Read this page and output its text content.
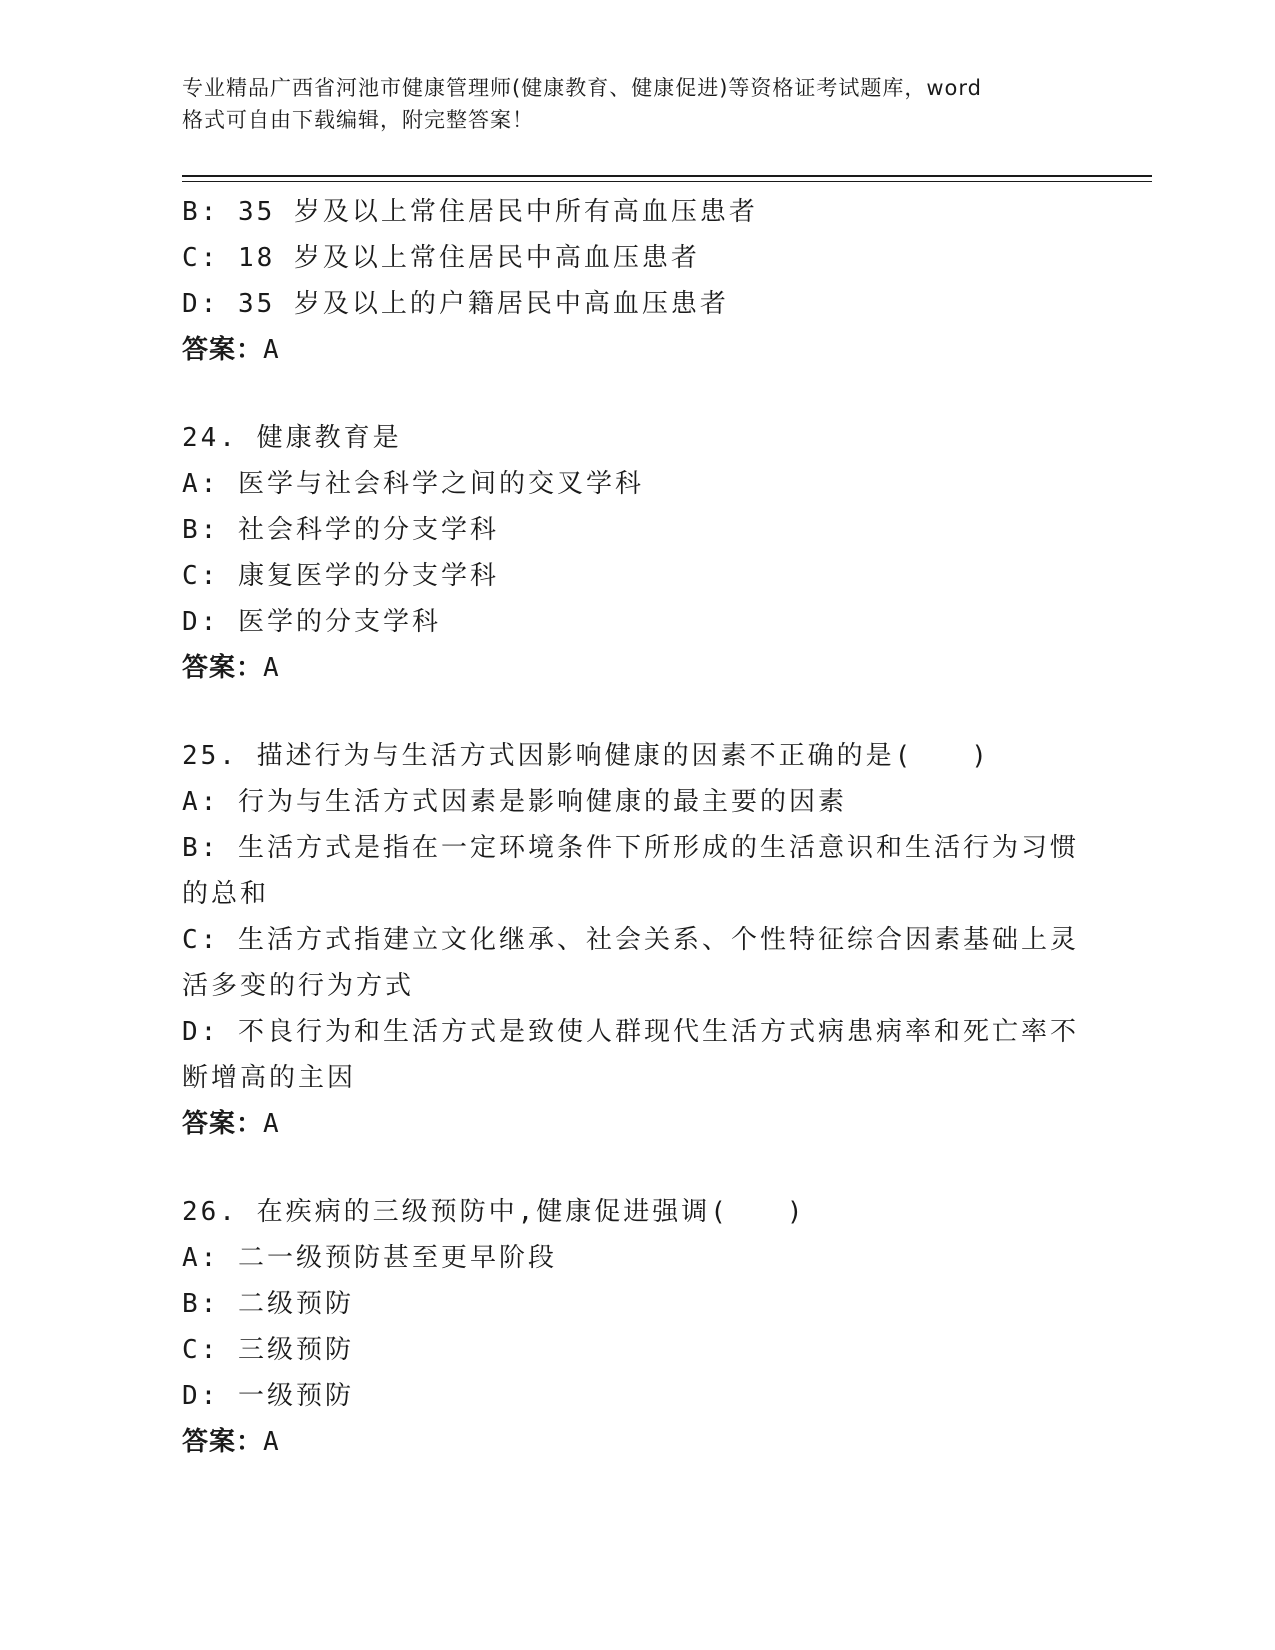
专业精品广西省河池市健康管理师(健康教育、健康促进)等资格证考试题库，word
格式可自由下载编辑，附完整答案！

B: 35 岁及以上常住居民中所有高血压患者

C: 18 岁及以上常住居民中高血压患者

D: 35 岁及以上的户籍居民中高血压患者

答案：A

24. 健康教育是

A: 医学与社会科学之间的交叉学科

B: 社会科学的分支学科

C: 康复医学的分支学科

D: 医学的分支学科

答案：A

25. 描述行为与生活方式因影响健康的因素不正确的是(　　)

A: 行为与生活方式因素是影响健康的最主要的因素

B: 生活方式是指在一定环境条件下所形成的生活意识和生活行为习惯

的总和

C: 生活方式指建立文化继承、社会关系、个性特征综合因素基础上灵

活多变的行为方式

D: 不良行为和生活方式是致使人群现代生活方式病患病率和死亡率不

断增高的主因

答案：A

26. 在疾病的三级预防中,健康促进强调(　　)

A: 二一级预防甚至更早阶段

B: 二级预防

C: 三级预防

D: 一级预防

答案：A
